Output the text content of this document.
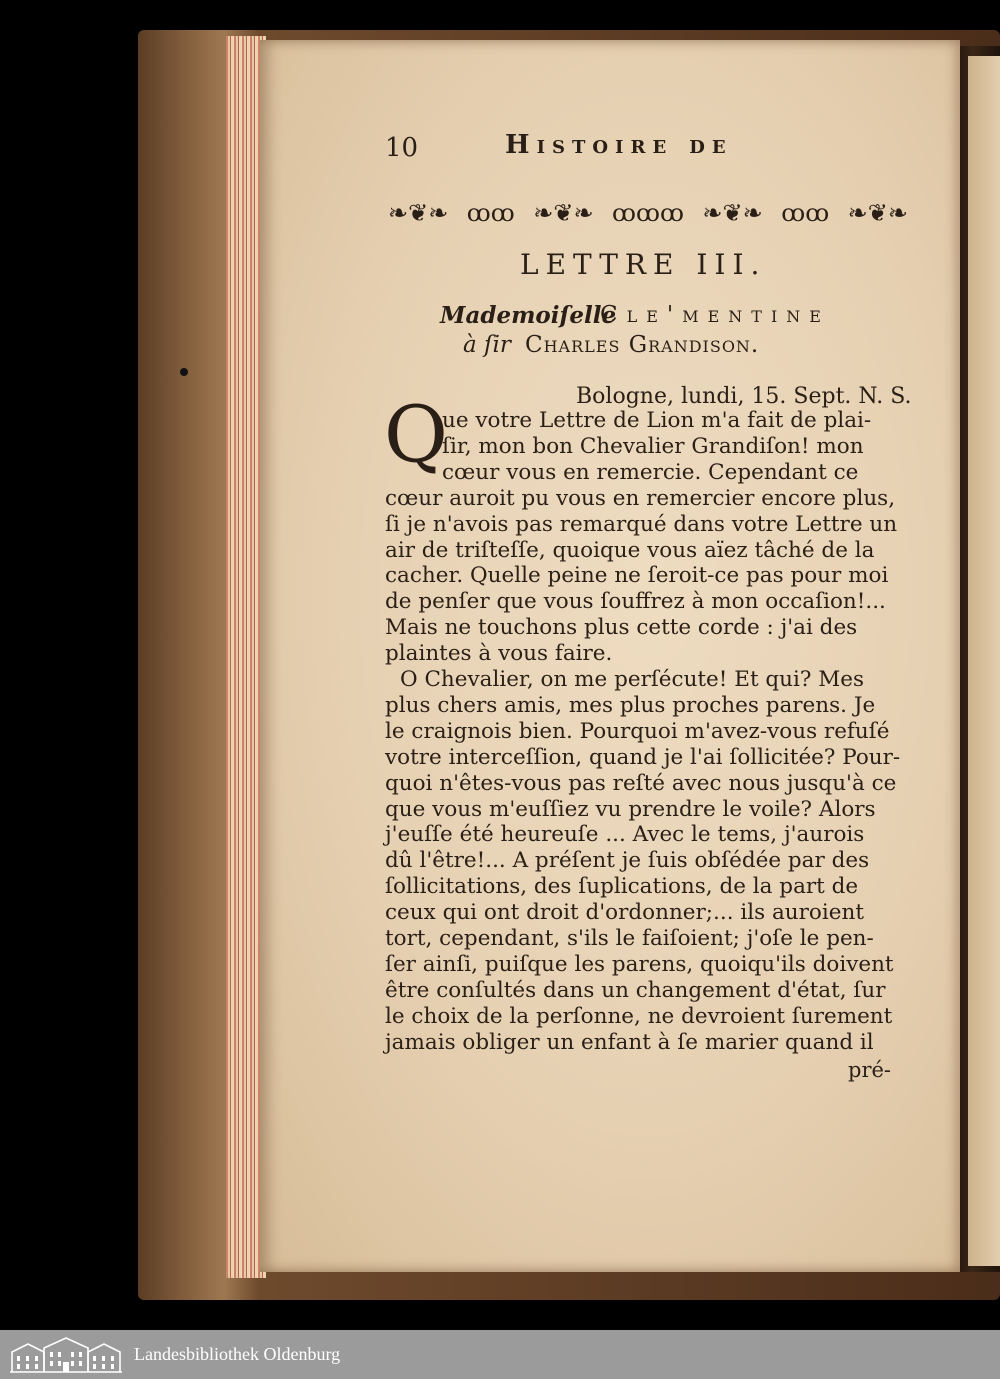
10	Histoire de
❧❦❧ ꝏꝏ ❧❦❧ ꝏꝏꝏ ❧❦❧ ꝏꝏ ❧❦❧
LETTRE III.
Mademoiſelle
Cle'mentine
à ſir Charles Grandison.
Bologne, lundi, 15. Sept. N. S.
Q
ue votre Lettre de Lion m'a fait de plai-
ſir, mon bon Chevalier Grandiſon! mon
cœur vous en remercie. Cependant ce
cœur auroit pu vous en remercier encore plus,
ſi je n'avois pas remarqué dans votre Lettre un
air de triſteſſe, quoique vous aïez tâché de la
cacher. Quelle peine ne ſeroit-ce pas pour moi
de penſer que vous ſouffrez à mon occaſion!...
Mais ne touchons plus cette corde : j'ai des
plaintes à vous faire.
O Chevalier, on me perſécute! Et qui? Mes
plus chers amis, mes plus proches parens. Je
le craignois bien. Pourquoi m'avez-vous refuſé
votre interceſſion, quand je l'ai ſollicitée? Pour-
quoi n'êtes-vous pas reſté avec nous jusqu'à ce
que vous m'euſſiez vu prendre le voile? Alors
j'euſſe été heureuſe ... Avec le tems, j'aurois
dû l'être!... A préſent je ſuis obſédée par des
ſollicitations, des ſuplications, de la part de
ceux qui ont droit d'ordonner;... ils auroient
tort, cependant, s'ils le faiſoient; j'oſe le pen-
ſer ainſi, puiſque les parens, quoiqu'ils doivent
être conſultés dans un changement d'état, ſur
le choix de la perſonne, ne devroient ſurement
jamais obliger un enfant à ſe marier quand il
pré-
Landesbibliothek Oldenburg
